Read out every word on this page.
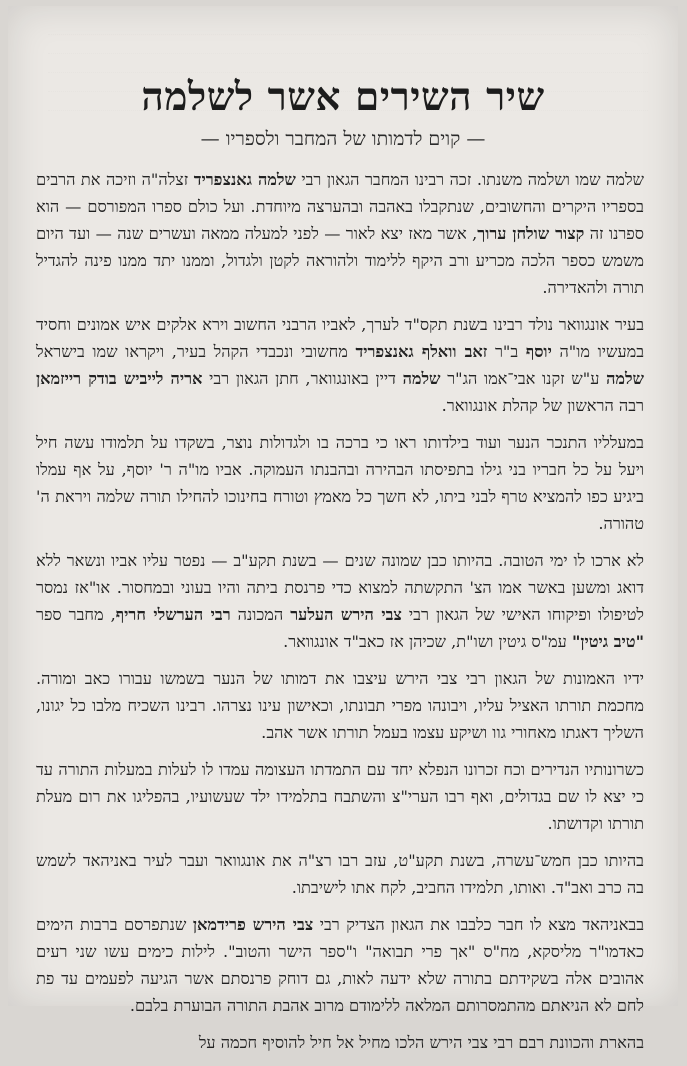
שיר השירים אשר לשלמה
— קוים לדמותו של המחבר ולספריו —

שלמה שמו ושלמה משנתו. זכה רבינו המחבר הגאון רבי שלמה גאנצפריד זצלה"ה וזיכה את הרבים בספריו היקרים והחשובים, שנתקבלו באהבה ובהערצה מיוחדת. ועל כולם ספרו המפורסם — הוא ספרנו זה קצור שולחן ערוך, אשר מאז יצא לאור — לפני למעלה ממאה ועשרים שנה — ועד היום משמש כספר הלכה מכריע ורב היקף ללימוד ולהוראה לקטן ולגדול, וממנו יתד ממנו פינה להגדיל תורה ולהאדירה.

בעיר אונגוואר נולד רבינו בשנת תקס"ד לערך, לאביו הרבני החשוב וירא אלקים איש אמונים וחסיד במעשיו מו"ה יוסף ב"ר זאב וואלף גאנצפריד מחשובי ונכבדי הקהל בעיר, ויקראו שמו בישראל שלמה ע"ש זקנו אבי־אמו הג"ר שלמה דיין באונגוואר, חתן הגאון רבי אריה לייביש בודק רייזמאן רבה הראשון של קהלת אונגוואר.

במעלליו התנכר הנער ועוד בילדותו ראו כי ברכה בו ולגדולות נוצר, בשקדו על תלמודו עשה חיל ויעל על כל חבריו בני גילו בתפיסתו הבהירה ובהבנתו העמוקה. אביו מו"ה ר' יוסף, על אף עמלו ביגיע כפו להמציא טרף לבני ביתו, לא חשך כל מאמץ וטורח בחינוכו להחילו תורה שלמה ויראת ה' טהורה.

לא ארכו לו ימי הטובה. בהיותו כבן שמונה שנים — בשנת תקע"ב — נפטר עליו אביו ונשאר ללא דואג ומשען באשר אמו הצ' התקשתה למצוא כדי פרנסת ביתה והיו בעוני ובמחסור. או"אז נמסר לטיפולו ופיקוחו האישי של הגאון רבי צבי הירש העלער המכונה רבי הערשלי חריף, מחבר ספר "טיב גיטין" עמ"ס גיטין ושו"ת, שכיהן אז כאב"ד אונגוואר.

ידיו האמונות של הגאון רבי צבי הירש עיצבו את דמותו של הנער בשמשו עבורו כאב ומורה. מחכמת תורתו האציל עליו, ויבונהו מפרי תבונתו, וכאישון עינו נצרהו. רבינו השכיח מלבו כל יגונו, השליך דאגתו מאחורי גוו ושיקע עצמו בעמל תורתו אשר אהב.

כשרונותיו הנדירים וכח זכרונו הנפלא יחד עם התמדתו העצומה עמדו לו לעלות במעלות התורה עד כי יצא לו שם בגדולים, ואף רבו הערי"צ והשתבח בתלמידו ילד שעשועיו, בהפליגו את רום מעלת תורתו וקדושתו.

בהיותו כבן חמש־עשרה, בשנת תקע"ט, עזב רבו רצ"ה את אונגוואר ועבר לעיר באניהאד לשמש בה כרב ואב"ד. ואותו, תלמידו החביב, לקח אתו לישיבתו.

בבאניהאד מצא לו חבר כלבבו את הגאון הצדיק רבי צבי הירש פרידמאן שנתפרסם ברבות הימים כאדמו"ר מליסקא, מח"ס "אך פרי תבואה" ו"ספר הישר והטוב". לילות כימים עשו שני רעים אהובים אלה בשקידתם בתורה שלא ידעה לאות, גם דוחק פרנסתם אשר הגיעה לפעמים עד פת לחם לא הניאתם מהתמסרותם המלאה ללימודם מרוב אהבת התורה הבוערת בלבם.

בהארת והכוונת רבם רבי צבי הירש הלכו מחיל אל חיל להוסיף חכמה על
